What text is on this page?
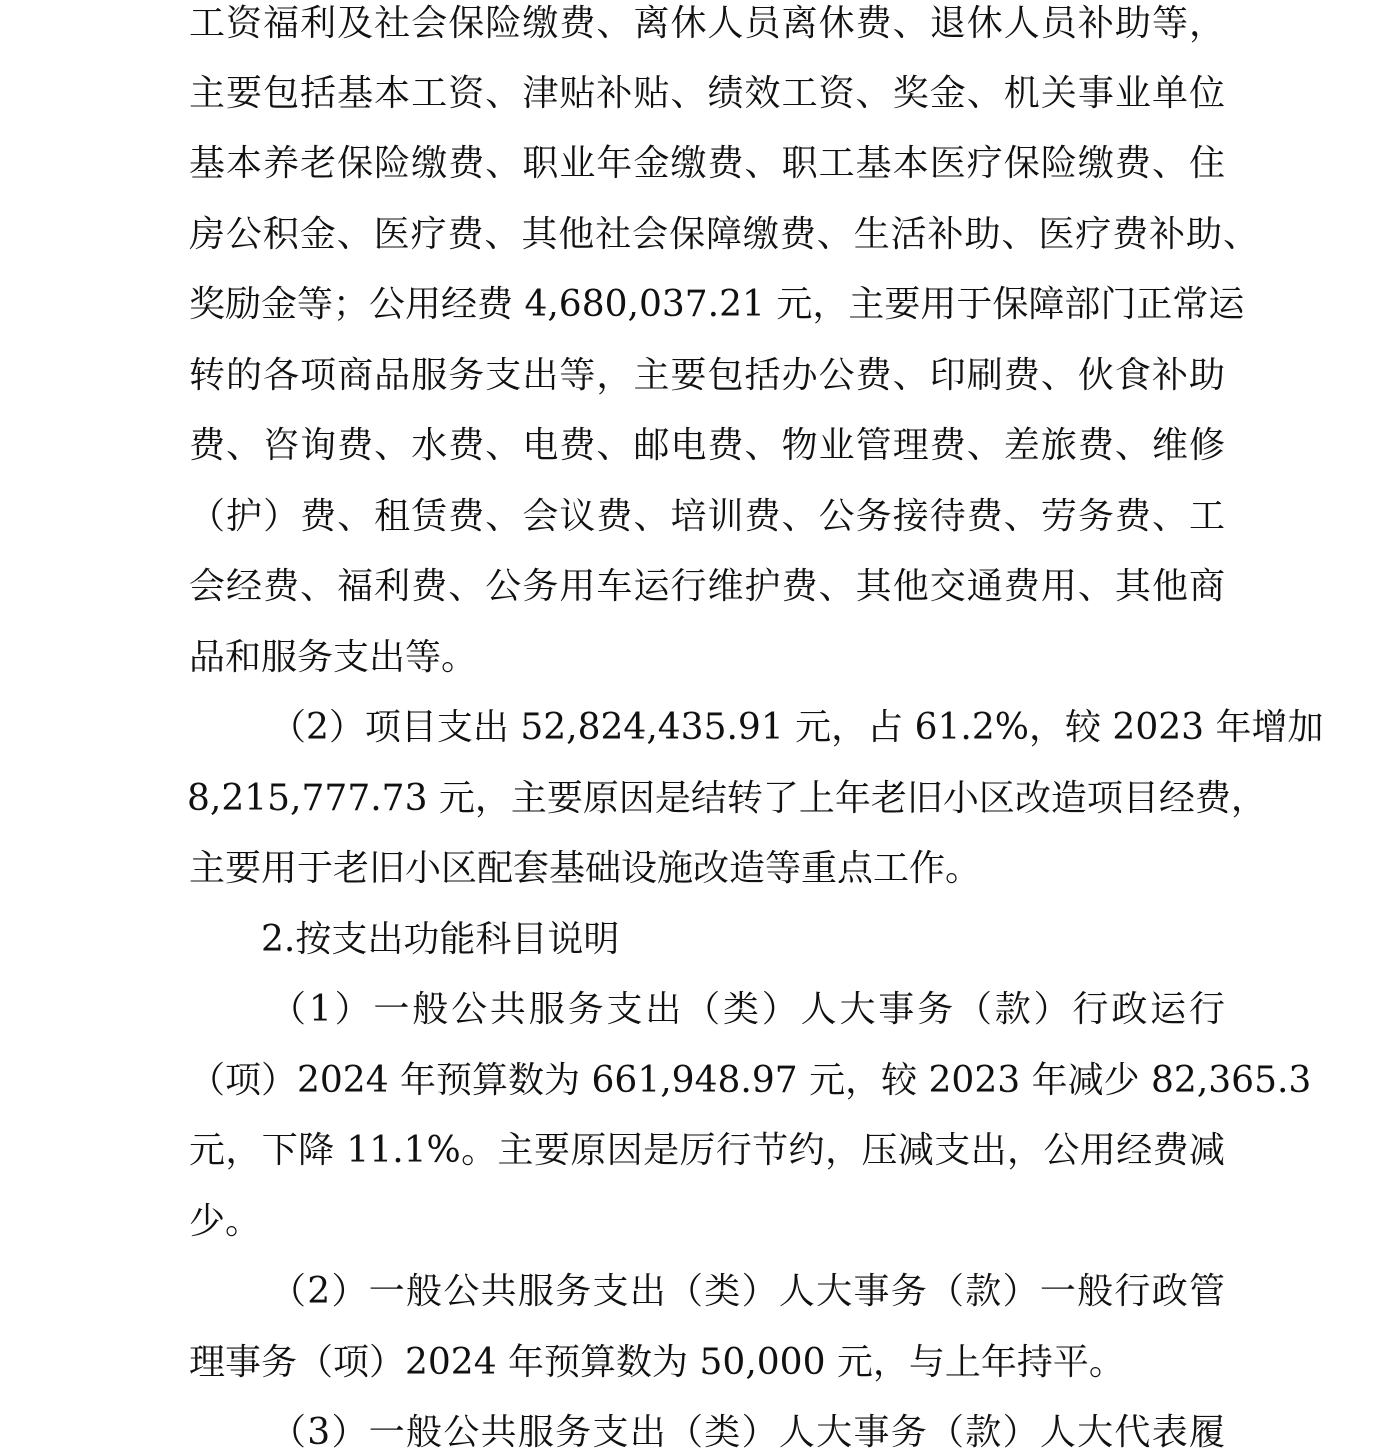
工资福利及社会保险缴费、离休人员离休费、退休人员补助等，

主要包括基本工资、津贴补贴、绩效工资、奖金、机关事业单位

基本养老保险缴费、职业年金缴费、职工基本医疗保险缴费、住

房公积金、医疗费、其他社会保障缴费、生活补助、医疗费补助、

奖励金等；公用经费 4,680,037.21 元，主要用于保障部门正常运

转的各项商品服务支出等，主要包括办公费、印刷费、伙食补助

费、咨询费、水费、电费、邮电费、物业管理费、差旅费、维修

（护）费、租赁费、会议费、培训费、公务接待费、劳务费、工

会经费、福利费、公务用车运行维护费、其他交通费用、其他商

品和服务支出等。

（2）项目支出 52,824,435.91 元，占 61.2%，较 2023 年增加

8,215,777.73 元，主要原因是结转了上年老旧小区改造项目经费，

主要用于老旧小区配套基础设施改造等重点工作。

2.按支出功能科目说明

（1）一般公共服务支出（类）人大事务（款）行政运行

（项）2024 年预算数为 661,948.97 元，较 2023 年减少 82,365.3

元，下降 11.1%。主要原因是厉行节约，压减支出，公用经费减

少。

（2）一般公共服务支出（类）人大事务（款）一般行政管

理事务（项）2024 年预算数为 50,000 元，与上年持平。

（3）一般公共服务支出（类）人大事务（款）人大代表履
